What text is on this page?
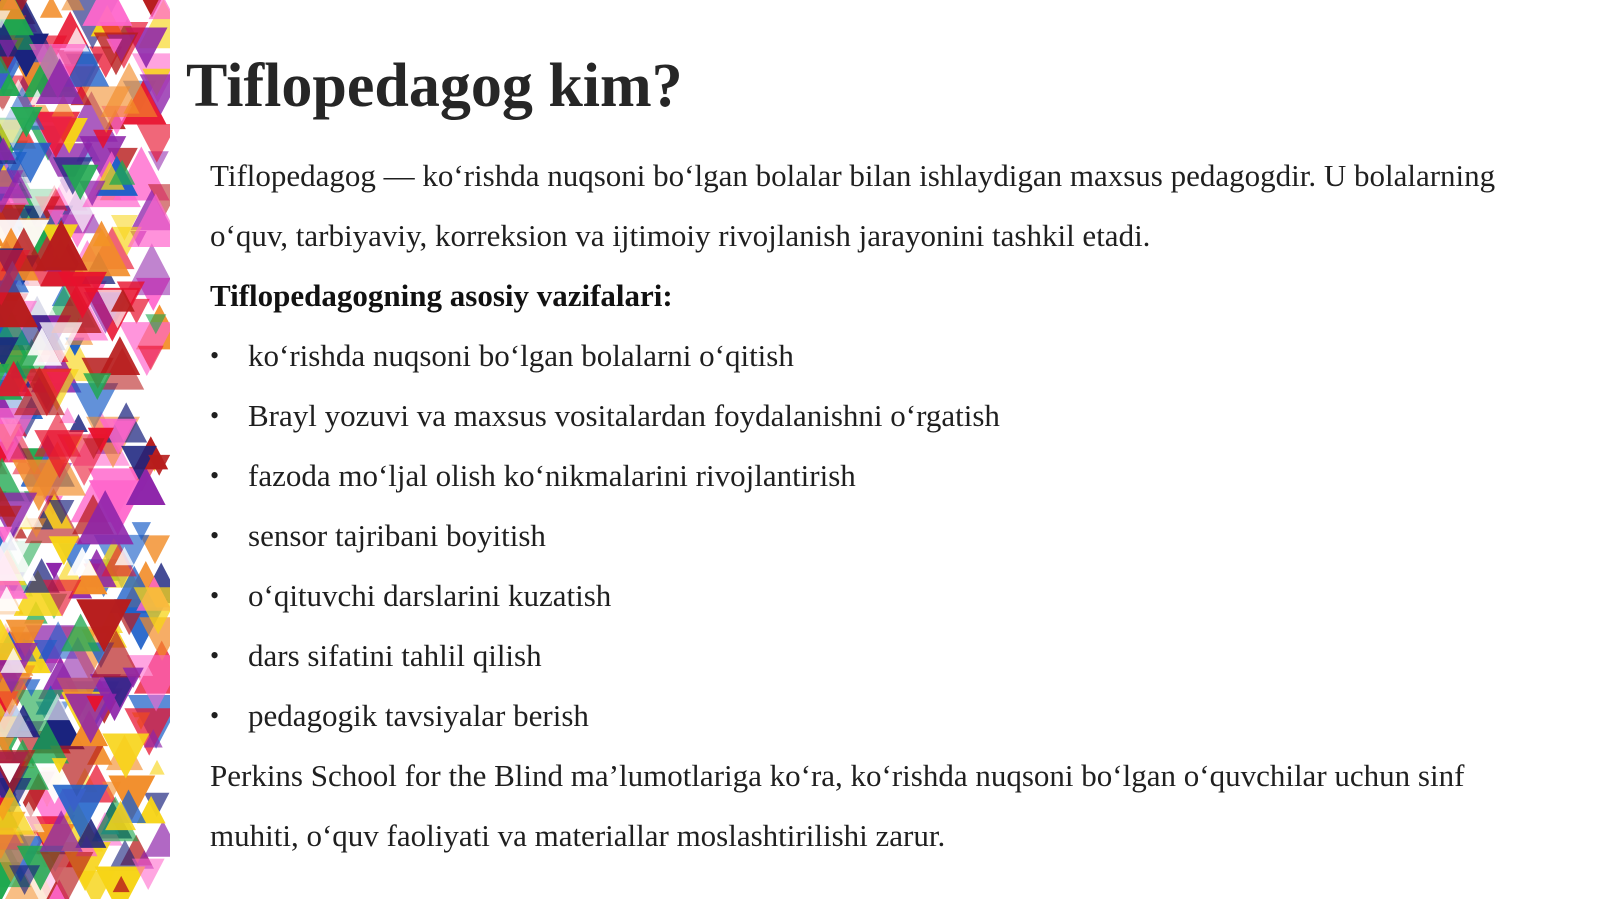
Tiflopedagog kim?

Tiflopedagog — ko‘rishda nuqsoni bo‘lgan bolalar bilan ishlaydigan maxsus pedagogdir. U bolalarning o‘quv, tarbiyaviy, korreksion va ijtimoiy rivojlanish jarayonini tashkil etadi.

Tiflopedagogning asosiy vazifalari:

• ko‘rishda nuqsoni bo‘lgan bolalarni o‘qitish
• Brayl yozuvi va maxsus vositalardan foydalanishni o‘rgatish
• fazoda mo‘ljal olish ko‘nikmalarini rivojlantirish
• sensor tajribani boyitish
• o‘qituvchi darslarini kuzatish
• dars sifatini tahlil qilish
• pedagogik tavsiyalar berish

Perkins School for the Blind ma’lumotlariga ko‘ra, ko‘rishda nuqsoni bo‘lgan o‘quvchilar uchun sinf muhiti, o‘quv faoliyati va materiallar moslashtirilishi zarur.
